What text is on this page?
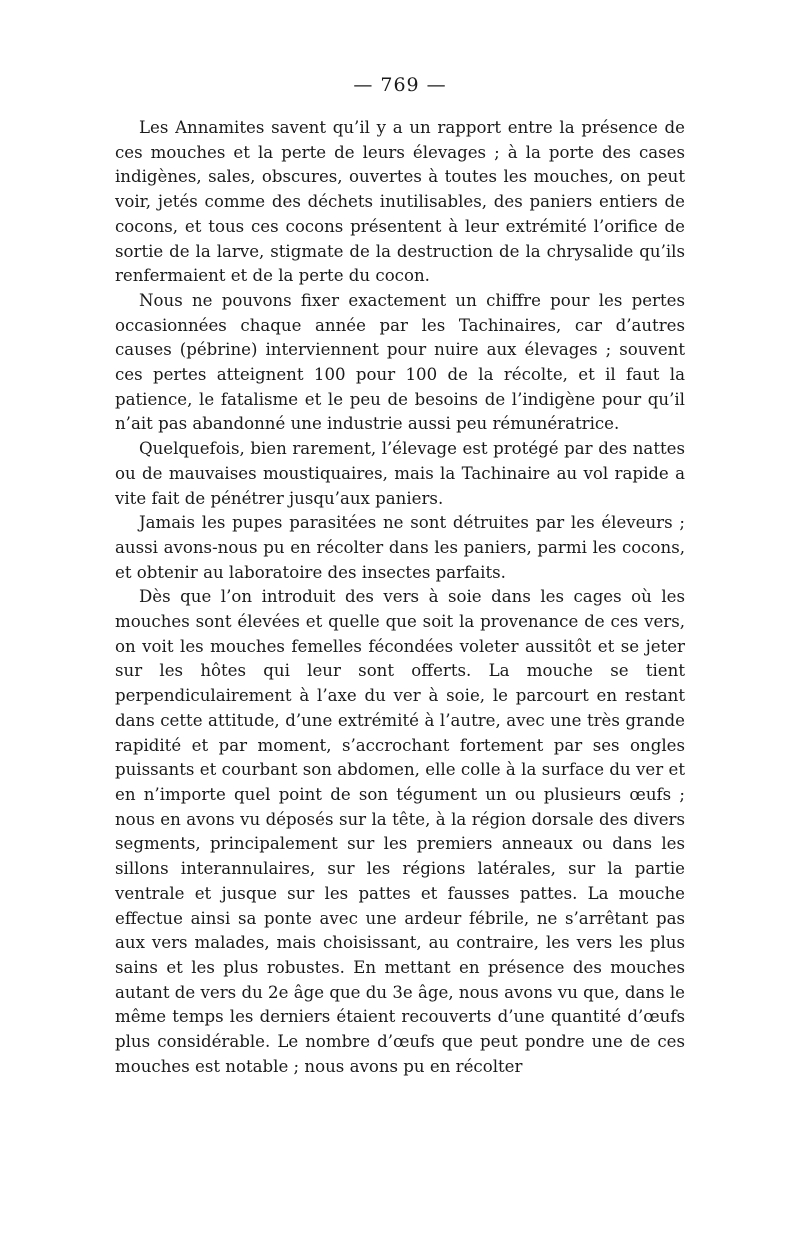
— 769 —

Les Annamites savent qu’il y a un rapport entre la présence de ces mouches et la perte de leurs élevages ; à la porte des cases indigènes, sales, obscures, ouvertes à toutes les mouches, on peut voir, jetés comme des déchets inutilisables, des paniers entiers de cocons, et tous ces cocons présentent à leur extrémité l’orifice de sortie de la larve, stigmate de la destruction de la chrysalide qu’ils renfermaient et de la perte du cocon.

Nous ne pouvons fixer exactement un chiffre pour les pertes occasionnées chaque année par les Tachinaires, car d’autres causes (pébrine) interviennent pour nuire aux élevages ; souvent ces pertes atteignent 100 pour 100 de la récolte, et il faut la patience, le fatalisme et le peu de besoins de l’indigène pour qu’il n’ait pas abandonné une industrie aussi peu rémunératrice.

Quelquefois, bien rarement, l’élevage est protégé par des nattes ou de mauvaises moustiquaires, mais la Tachinaire au vol rapide a vite fait de pénétrer jusqu’aux paniers.

Jamais les pupes parasitées ne sont détruites par les éleveurs ; aussi avons-nous pu en récolter dans les paniers, parmi les cocons, et obtenir au laboratoire des insectes parfaits.

Dès que l’on introduit des vers à soie dans les cages où les mouches sont élevées et quelle que soit la provenance de ces vers, on voit les mouches femelles fécondées voleter aussitôt et se jeter sur les hôtes qui leur sont offerts. La mouche se tient perpendiculairement à l’axe du ver à soie, le parcourt en restant dans cette attitude, d’une extrémité à l’autre, avec une très grande rapidité et par moment, s’accrochant fortement par ses ongles puissants et courbant son abdomen, elle colle à la surface du ver et en n’importe quel point de son tégument un ou plusieurs œufs ; nous en avons vu déposés sur la tête, à la région dorsale des divers segments, principalement sur les premiers anneaux ou dans les sillons interannulaires, sur les régions latérales, sur la partie ventrale et jusque sur les pattes et fausses pattes. La mouche effectue ainsi sa ponte avec une ardeur fébrile, ne s’arrêtant pas aux vers malades, mais choisissant, au contraire, les vers les plus sains et les plus robustes. En mettant en présence des mouches autant de vers du 2e âge que du 3e âge, nous avons vu que, dans le même temps les derniers étaient recouverts d’une quantité d’œufs plus considérable. Le nombre d’œufs que peut pondre une de ces mouches est notable ; nous avons pu en récolter
